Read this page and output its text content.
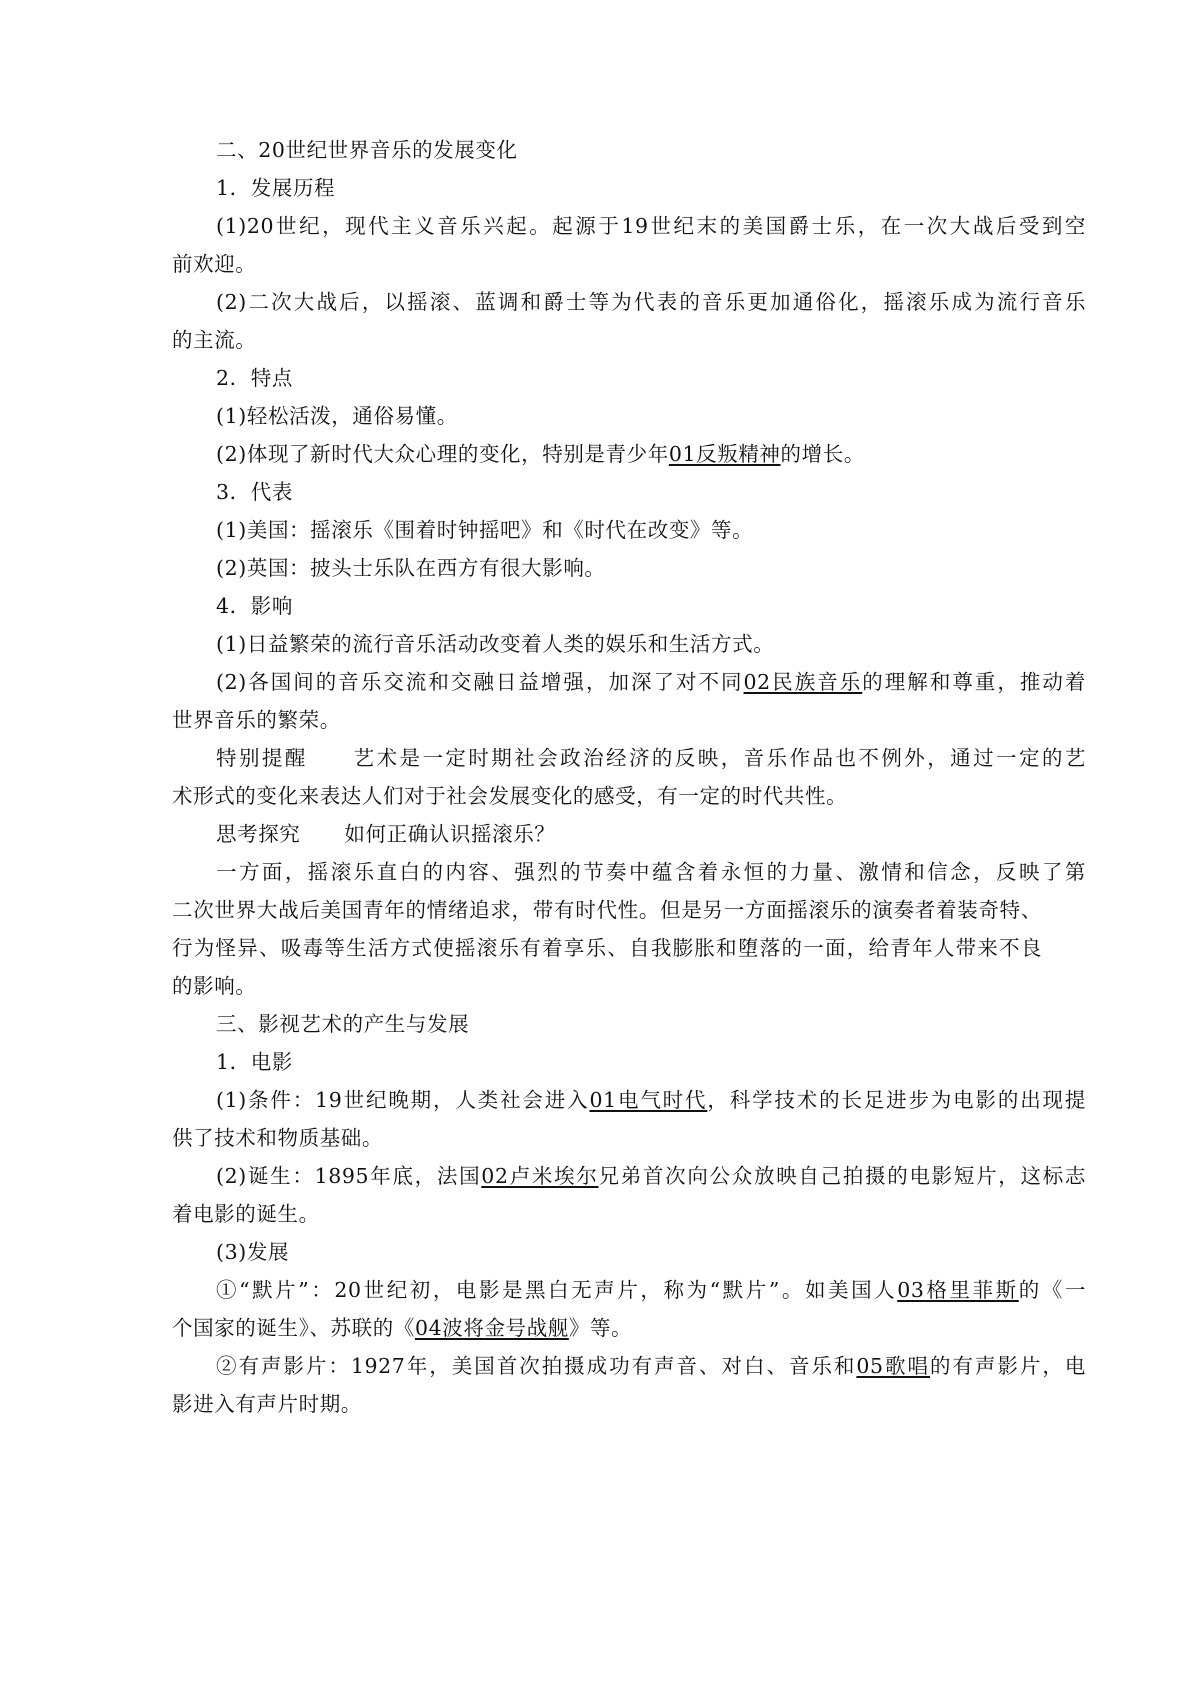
二、20世纪世界音乐的发展变化
1．发展历程
(1)20世纪，现代主义音乐兴起。起源于19世纪末的美国爵士乐，在一次大战后受到空
前欢迎。
(2)二次大战后，以摇滚、蓝调和爵士等为代表的音乐更加通俗化，摇滚乐成为流行音乐
的主流。
2．特点
(1)轻松活泼，通俗易懂。
(2)体现了新时代大众心理的变化，特别是青少年01反叛精神的增长。
3．代表
(1)美国：摇滚乐《围着时钟摇吧》和《时代在改变》等。
(2)英国：披头士乐队在西方有很大影响。
4．影响
(1)日益繁荣的流行音乐活动改变着人类的娱乐和生活方式。
(2)各国间的音乐交流和交融日益增强，加深了对不同02民族音乐的理解和尊重，推动着
世界音乐的繁荣。
特别提醒 艺术是一定时期社会政治经济的反映，音乐作品也不例外，通过一定的艺
术形式的变化来表达人们对于社会发展变化的感受，有一定的时代共性。
思考探究 如何正确认识摇滚乐？
一方面，摇滚乐直白的内容、强烈的节奏中蕴含着永恒的力量、激情和信念，反映了第
二次世界大战后美国青年的情绪追求，带有时代性。但是另一方面摇滚乐的演奏者着装奇特、
行为怪异、吸毒等生活方式使摇滚乐有着享乐、自我膨胀和堕落的一面，给青年人带来不良
的影响。
三、影视艺术的产生与发展
1．电影
(1)条件：19世纪晚期，人类社会进入01电气时代，科学技术的长足进步为电影的出现提
供了技术和物质基础。
(2)诞生：1895年底，法国02卢米埃尔兄弟首次向公众放映自己拍摄的电影短片，这标志
着电影的诞生。
(3)发展
①“默片”：20世纪初，电影是黑白无声片，称为“默片”。如美国人03格里菲斯的《一
个国家的诞生》、苏联的《04波将金号战舰》等。
②有声影片：1927年，美国首次拍摄成功有声音、对白、音乐和05歌唱的有声影片，电
影进入有声片时期。
